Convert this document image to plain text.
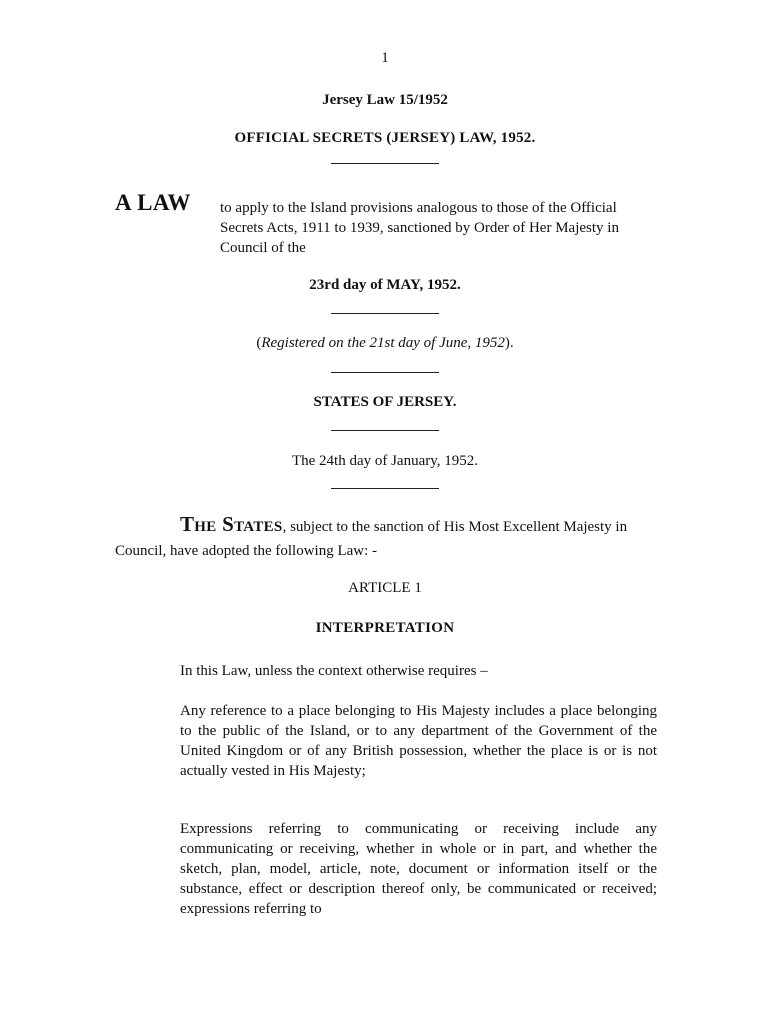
1
Jersey Law 15/1952
OFFICIAL SECRETS (JERSEY) LAW, 1952.
A LAW to apply to the Island provisions analogous to those of the Official Secrets Acts, 1911 to 1939, sanctioned by Order of Her Majesty in Council of the
23rd day of MAY, 1952.
(Registered on the 21st day of June, 1952).
STATES OF JERSEY.
The 24th day of January, 1952.
The States, subject to the sanction of His Most Excellent Majesty in Council, have adopted the following Law: -
ARTICLE 1
INTERPRETATION
In this Law, unless the context otherwise requires –
Any reference to a place belonging to His Majesty includes a place belonging to the public of the Island, or to any department of the Government of the United Kingdom or of any British possession, whether the place is or is not actually vested in His Majesty;
Expressions referring to communicating or receiving include any communicating or receiving, whether in whole or in part, and whether the sketch, plan, model, article, note, document or information itself or the substance, effect or description thereof only, be communicated or received; expressions referring to
